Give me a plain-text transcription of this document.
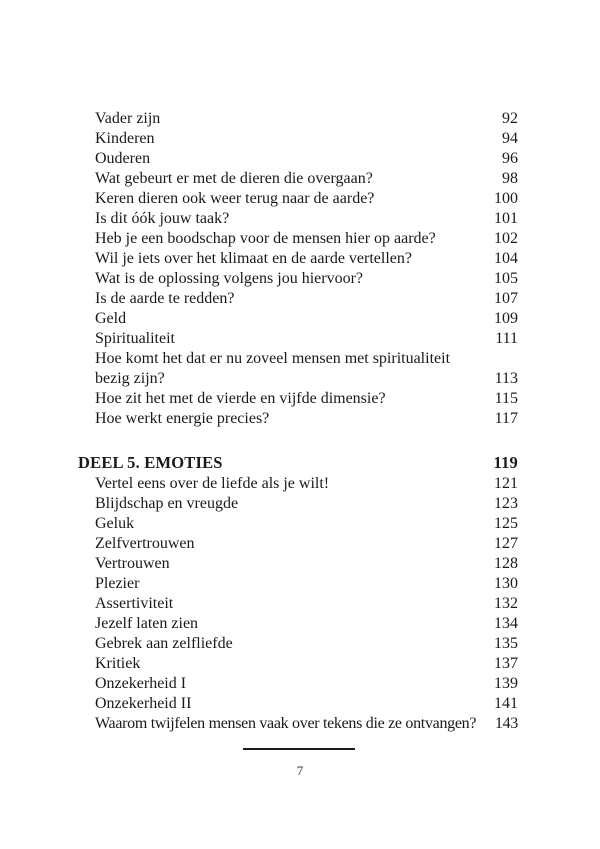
Vader zijn	92
Kinderen	94
Ouderen	96
Wat gebeurt er met de dieren die overgaan?	98
Keren dieren ook weer terug naar de aarde?	100
Is dit óók jouw taak?	101
Heb je een boodschap voor de mensen hier op aarde?	102
Wil je iets over het klimaat en de aarde vertellen?	104
Wat is de oplossing volgens jou hiervoor?	105
Is de aarde te redden?	107
Geld	109
Spiritualiteit	111
Hoe komt het dat er nu zoveel mensen met spiritualiteit
bezig zijn?	113
Hoe zit het met de vierde en vijfde dimensie?	115
Hoe werkt energie precies?	117
DEEL 5. EMOTIES	119
Vertel eens over de liefde als je wilt!	121
Blijdschap en vreugde	123
Geluk	125
Zelfvertrouwen	127
Vertrouwen	128
Plezier	130
Assertiviteit	132
Jezelf laten zien	134
Gebrek aan zelfliefde	135
Kritiek	137
Onzekerheid I	139
Onzekerheid II	141
Waarom twijfelen mensen vaak over tekens die ze ontvangen? 143
7
